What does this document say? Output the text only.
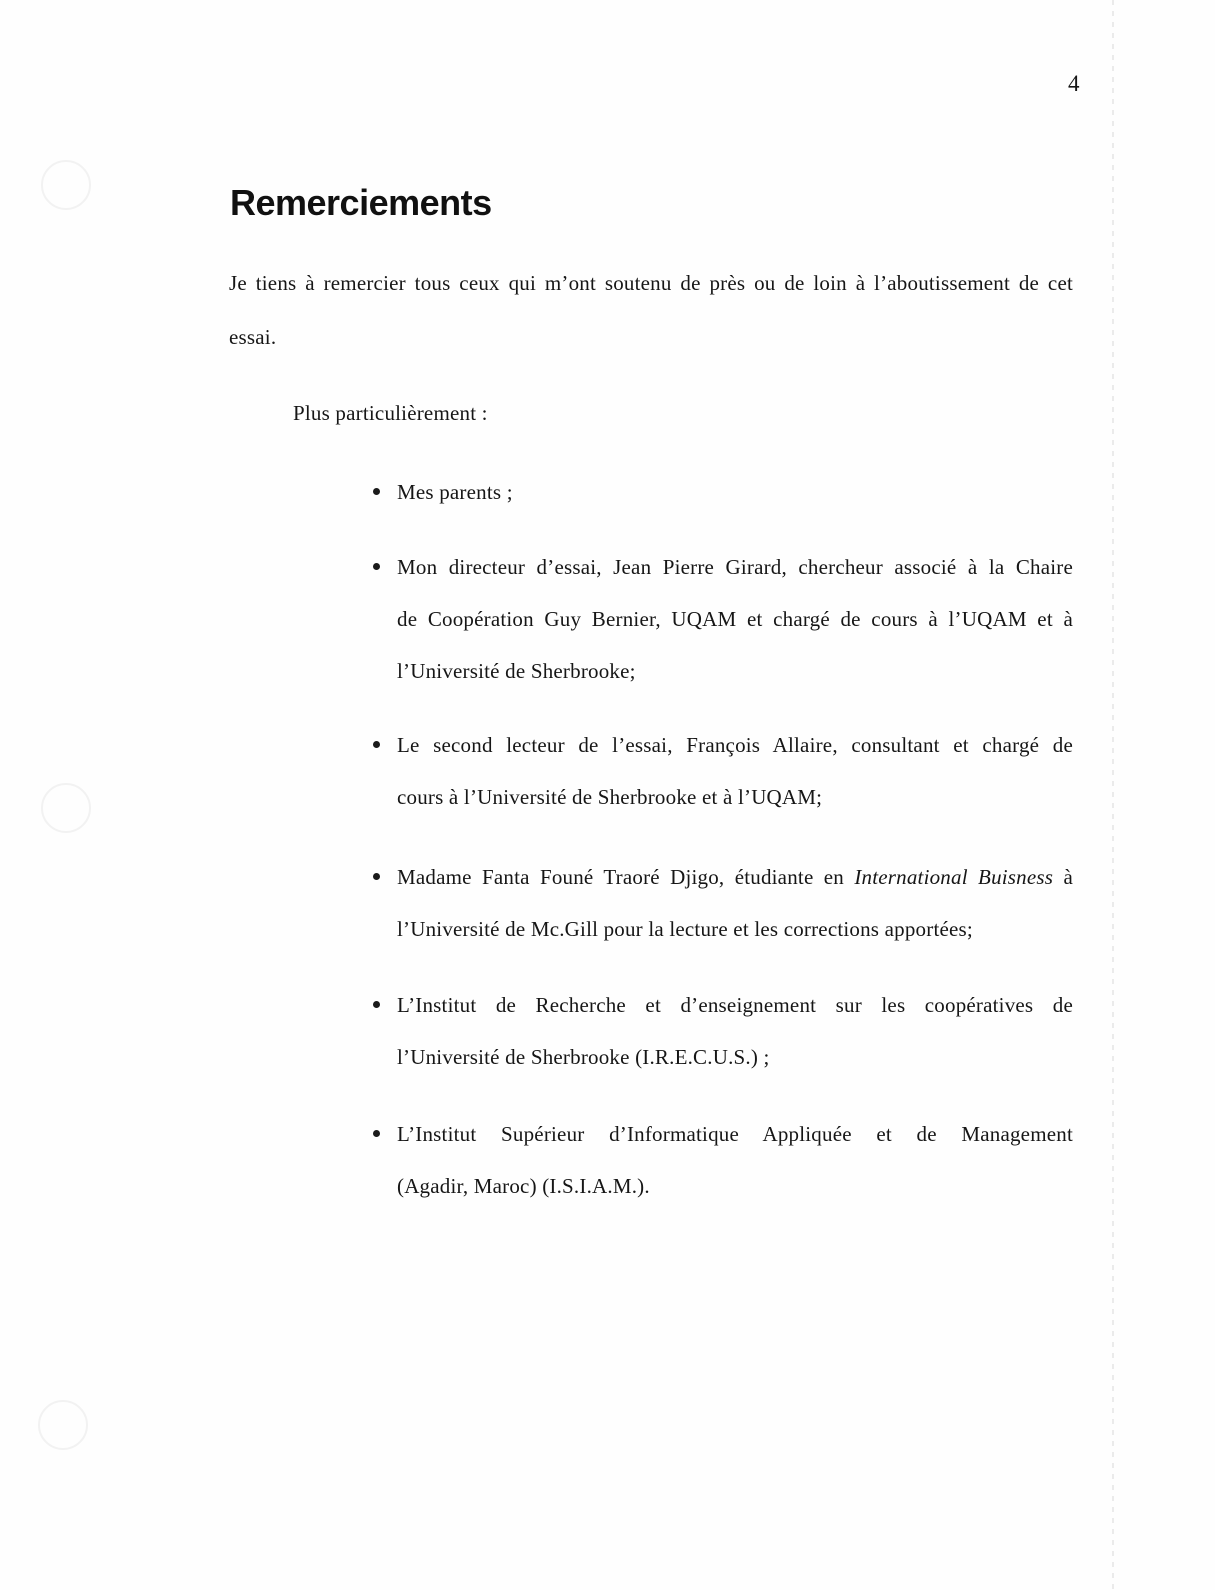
4
Remerciements
Je tiens à remercier tous ceux qui m’ont soutenu de près ou de loin à l’aboutissement de cet
essai.
Plus particulièrement :
Mes parents ;
Mon directeur d’essai, Jean Pierre Girard, chercheur associé à la Chaire
de Coopération Guy Bernier, UQAM et chargé de cours à l’UQAM et à
l’Université de Sherbrooke;
Le second lecteur de l’essai, François Allaire, consultant et chargé de
cours à l’Université de Sherbrooke et à l’UQAM;
Madame Fanta Founé Traoré Djigo, étudiante en International Buisness à
l’Université de Mc.Gill pour la lecture et les corrections apportées;
L’Institut de Recherche et d’enseignement sur les coopératives de
l’Université de Sherbrooke (I.R.E.C.U.S.) ;
L’Institut Supérieur d’Informatique Appliquée et de Management
(Agadir, Maroc) (I.S.I.A.M.).
